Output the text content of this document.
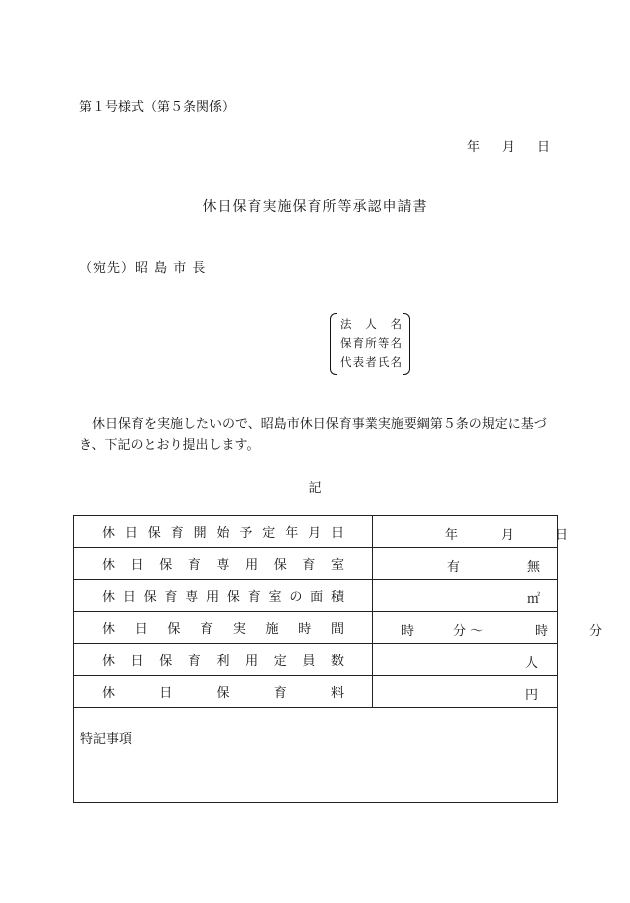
第１号様式（第５条関係）
年 月 日
休日保育実施保育所等承認申請書
（宛先）昭 島 市 長
法 人 名
保育所等名
代表者氏名
休日保育を実施したいので、昭島市休日保育事業実施要綱第５条の規定に基づき、下記のとおり提出します。
記
休日保育開始予定年月日	年 月 日

休日保育専用保育室	有 無

休日保育専用保育室の面積	㎡

休日保育実施時間	時 分 ～ 時 分

休日保育利用定員数	人

休日保育料	円
特記事項
